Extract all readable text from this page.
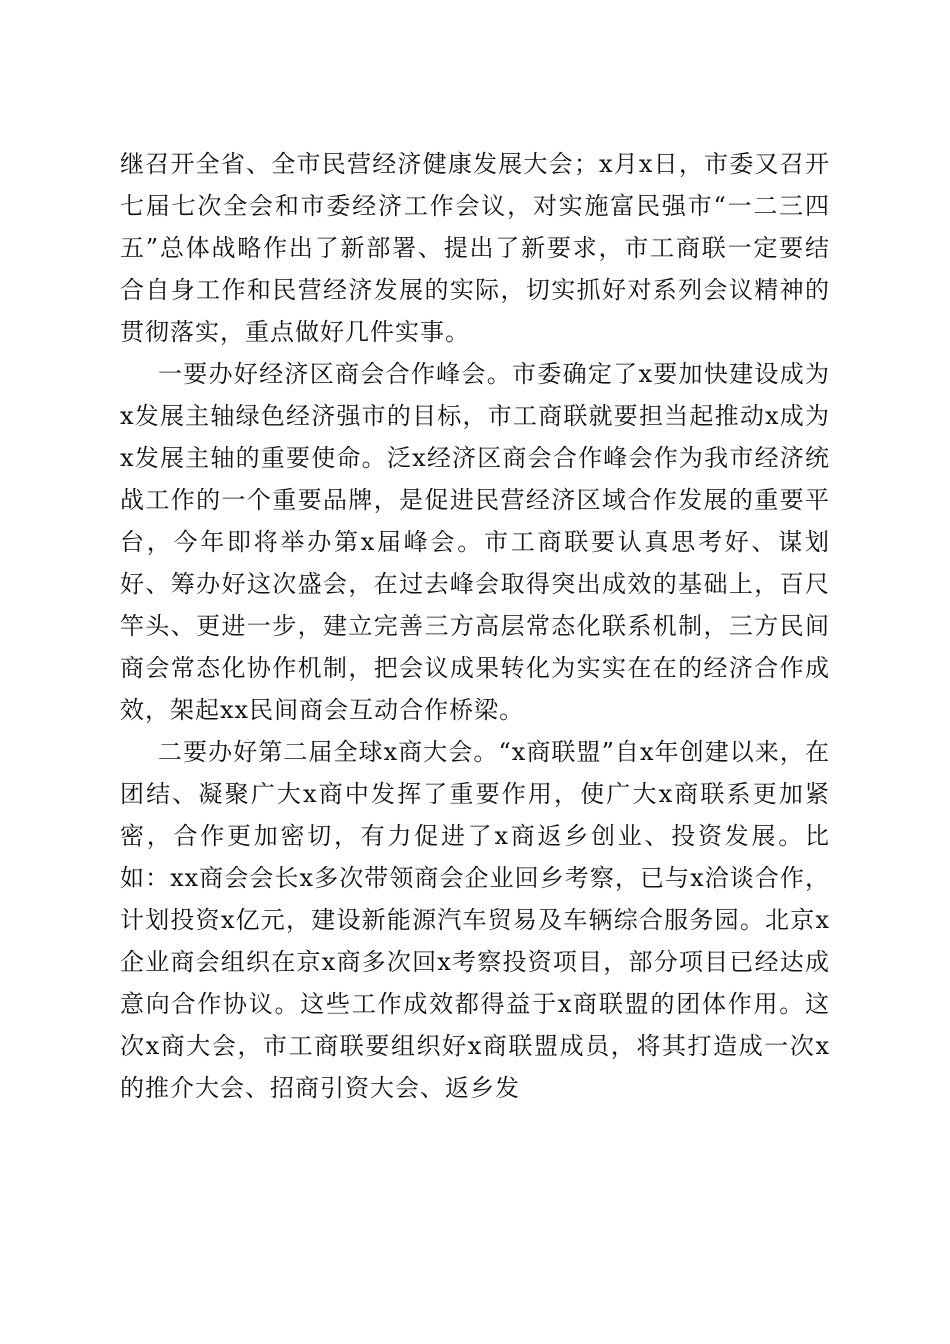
继召开全省、全市民营经济健康发展大会；x月x日，市委又召开七届七次全会和市委经济工作会议，对实施富民强市“一二三四五”总体战略作出了新部署、提出了新要求，市工商联一定要结合自身工作和民营经济发展的实际，切实抓好对系列会议精神的贯彻落实，重点做好几件实事。

一要办好经济区商会合作峰会。市委确定了x要加快建设成为x发展主轴绿色经济强市的目标，市工商联就要担当起推动x成为x发展主轴的重要使命。泛x经济区商会合作峰会作为我市经济统战工作的一个重要品牌，是促进民营经济区域合作发展的重要平台，今年即将举办第x届峰会。市工商联要认真思考好、谋划好、筹办好这次盛会，在过去峰会取得突出成效的基础上，百尺竿头、更进一步，建立完善三方高层常态化联系机制，三方民间商会常态化协作机制，把会议成果转化为实实在在的经济合作成效，架起xx民间商会互动合作桥梁。

二要办好第二届全球x商大会。“x商联盟”自x年创建以来，在团结、凝聚广大x商中发挥了重要作用，使广大x商联系更加紧密，合作更加密切，有力促进了x商返乡创业、投资发展。比如：xx商会会长x多次带领商会企业回乡考察，已与x洽谈合作，计划投资x亿元，建设新能源汽车贸易及车辆综合服务园。北京x企业商会组织在京x商多次回x考察投资项目，部分项目已经达成意向合作协议。这些工作成效都得益于x商联盟的团体作用。这次x商大会，市工商联要组织好x商联盟成员，将其打造成一次x的推介大会、招商引资大会、返乡发
